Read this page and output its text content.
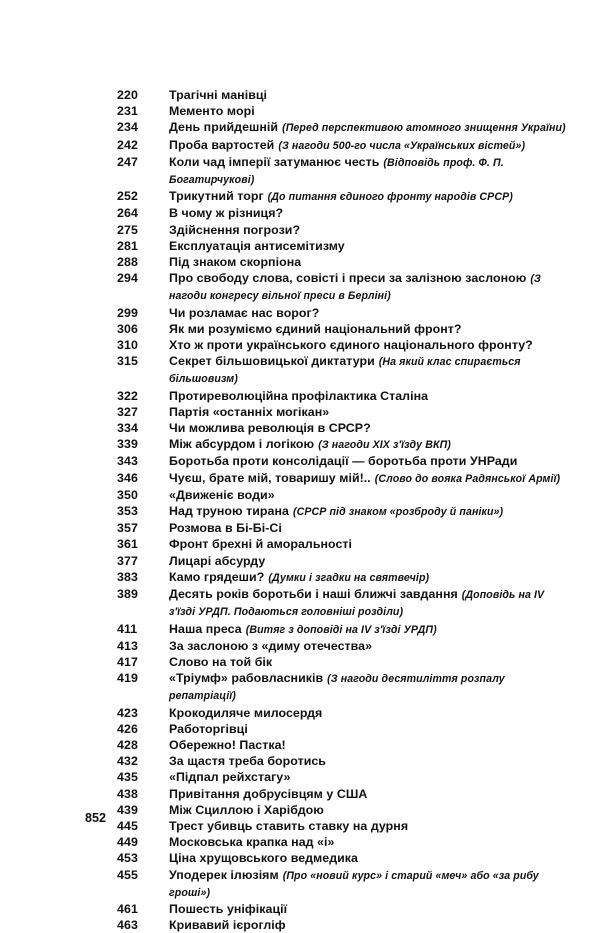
220	Трагічні манівці
231	Мементо морі
234	День прийдешній (Перед перспективою атомного знищення України)
242	Проба вартостей (З нагоди 500-го числа «Українських вістей»)
247	Коли чад імперії затуманює честь (Відповідь проф. Ф. П. Богатирчукові)
252	Трикутний торг (До питання єдиного фронту народів СРСР)
264	В чому ж різниця?
275	Здійснення погрози?
281	Експлуатація антисемітизму
288	Під знаком скорпіона
294	Про свободу слова, совісті і преси за залізною заслоною (З нагоди конгресу вільної преси в Берліні)
299	Чи розламає нас ворог?
306	Як ми розуміємо єдиний національний фронт?
310	Хто ж проти українського єдиного національного фронту?
315	Секрет більшовицької диктатури (На який клас спирається більшовизм)
322	Протиреволюційна профілактика Сталіна
327	Партія «останніх могікан»
334	Чи можлива революція в СРСР?
339	Між абсурдом і логікою (З нагоди XIX з'їзду ВКП)
343	Боротьба проти консолідації — боротьба проти УНРади
346	Чуєш, брате мій, товаришу мій!.. (Слово до вояка Радянської Армії)
350	«Движеніє води»
353	Над труною тирана (СРСР під знаком «розброду й паніки»)
357	Розмова в Бі-Бі-Сі
361	Фронт брехні й аморальності
377	Лицарі абсурду
383	Камо грядеши? (Думки і згадки на святвечір)
389	Десять років боротьби і наші ближчі завдання (Доповідь на IV з'їзді УРДП. Подаються головніші розділи)
411	Наша преса (Витяг з доповіді на IV з'їзді УРДП)
413	За заслоною з «диму отечества»
417	Слово на той бік
419	«Тріумф» рабовласників (З нагоди десятиліття розпалу репатріації)
423	Крокодиляче милосердя
426	Работоргівці
428	Обережно! Пастка!
432	За щастя треба боротись
435	«Підпал рейхстагу»
438	Привітання добрусівцям у США
439	Між Сциллою і Харібдою
445	Трест убивць ставить ставку на дурня
449	Московська крапка над «і»
453	Ціна хрущовського ведмедика
455	Уподерек ілюзіям (Про «новий курс» і старий «меч» або «за рибу гроші»)
461	Пошесть уніфікації
463	Кривавий ієрогліф
852
